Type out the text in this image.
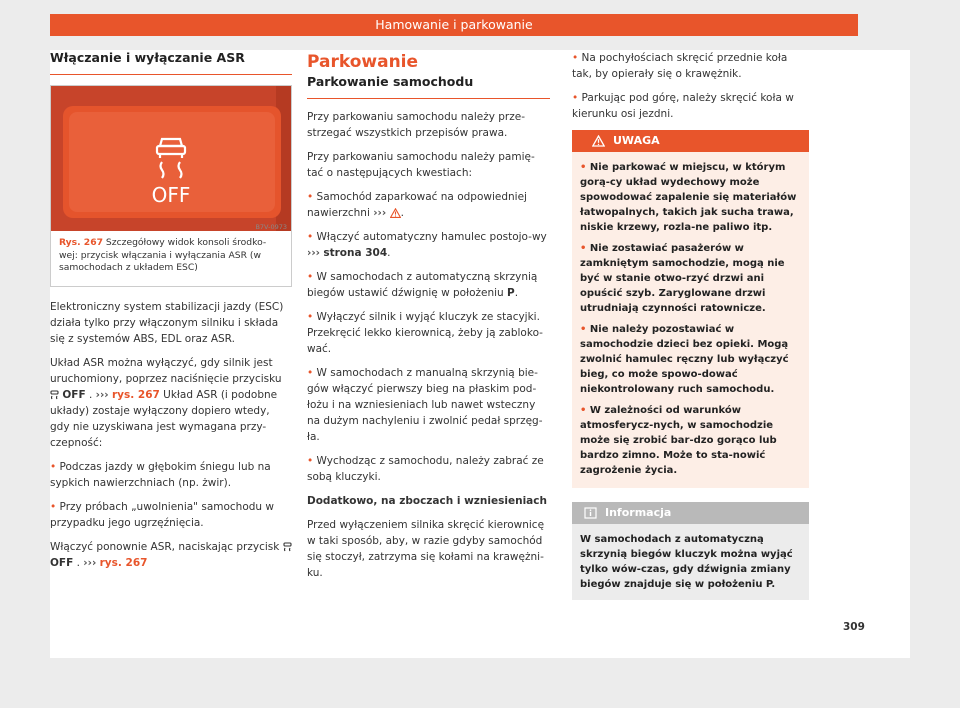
Hamowanie i parkowanie
Włączanie i wyłączanie ASR
OFF
B7V-0973
Rys. 267 Szczegółowy widok konsoli środko-wej: przycisk włączania i wyłączania ASR (w samochodach z układem ESC)

Elektroniczny system stabilizacji jazdy (ESC) działa tylko przy włączonym silniku i składa się z systemów ABS, EDL oraz ASR.

Układ ASR można wyłączyć, gdy silnik jest uruchomiony, poprzez naciśnięcie przycisku  OFF . ››› rys. 267 Układ ASR (i podobne układy) zostaje wyłączony dopiero wtedy, gdy nie uzyskiwana jest wymagana przy-czepność:

• Podczas jazdy w głębokim śniegu lub na sypkich nawierzchniach (np. żwir).

• Przy próbach „uwolnienia" samochodu w przypadku jego ugrzęźnięcia.

Włączyć ponownie ASR, naciskając przycisk  OFF . ››› rys. 267

Parkowanie
Parkowanie samochodu

Przy parkowaniu samochodu należy prze-strzegać wszystkich przepisów prawa.

Przy parkowaniu samochodu należy pamię-tać o następujących kwestiach:

• Samochód zaparkować na odpowiedniej nawierzchni ››› .

• Włączyć automatyczny hamulec postojo-wy ››› strona 304.

• W samochodach z automatyczną skrzynią biegów ustawić dźwignię w położeniu P.

• Wyłączyć silnik i wyjąć kluczyk ze stacyjki. Przekręcić lekko kierownicą, żeby ją zabloko-wać.

• W samochodach z manualną skrzynią bie-gów włączyć pierwszy bieg na płaskim pod-łożu i na wzniesieniach lub nawet wsteczny na dużym nachyleniu i zwolnić pedał sprzęg-ła.

• Wychodząc z samochodu, należy zabrać ze sobą kluczyki.

Dodatkowo, na zboczach i wzniesieniach

Przed wyłączeniem silnika skręcić kierownicę w taki sposób, aby, w razie gdyby samochód się stoczył, zatrzyma się kołami na krawężni-ku.

• Na pochyłościach skręcić przednie koła tak, by opierały się o krawężnik.

• Parkując pod górę, należy skręcić koła w kierunku osi jezdni.

UWAGA

• Nie parkować w miejscu, w którym gorą-cy układ wydechowy może spowodować zapalenie się materiałów łatwopalnych, takich jak sucha trawa, niskie krzewy, rozla-ne paliwo itp.

• Nie zostawiać pasażerów w zamkniętym samochodzie, mogą nie być w stanie otwo-rzyć drzwi ani opuścić szyb. Zaryglowane drzwi utrudniają czynności ratownicze.

• Nie należy pozostawiać w samochodzie dzieci bez opieki. Mogą zwolnić hamulec ręczny lub wyłączyć bieg, co może spowo-dować niekontrolowany ruch samochodu.

• W zależności od warunków atmosferycz-nych, w samochodzie może się zrobić bar-dzo gorąco lub bardzo zimno. Może to sta-nowić zagrożenie życia.

Informacja
W samochodach z automatyczną skrzynią biegów kluczyk można wyjąć tylko wów-czas, gdy dźwignia zmiany biegów znajduje się w położeniu P.
309
